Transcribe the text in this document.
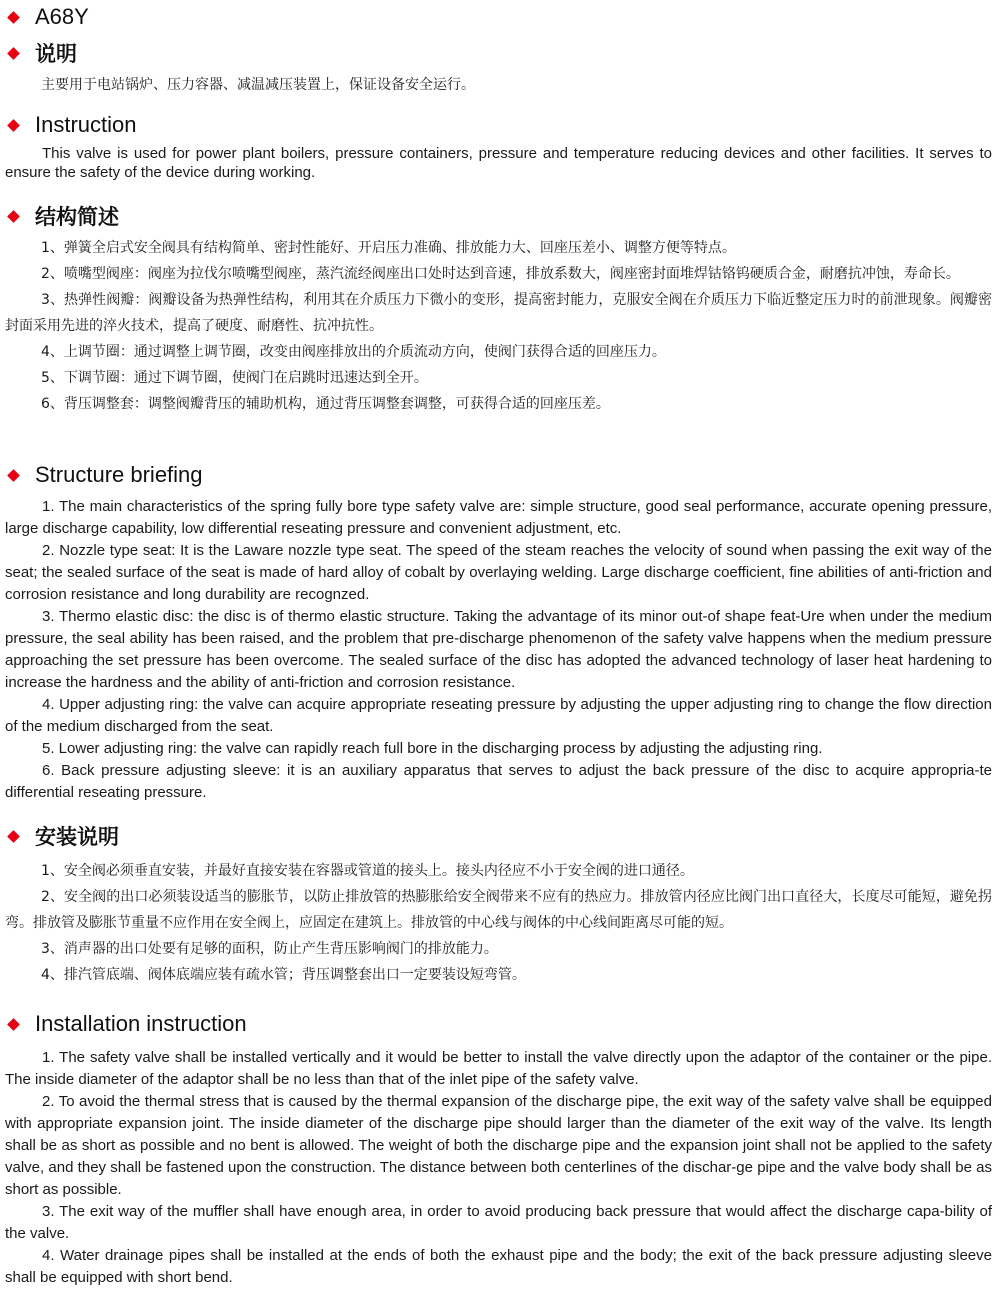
A68Y
说明

主要用于电站锅炉、压力容器、减温减压装置上，保证设备安全运行。

Instruction

This valve is used for power plant boilers, pressure containers, pressure and temperature reducing devices and other facilities. It serves to ensure the safety of the device during working.

结构简述

1、弹簧全启式安全阀具有结构简单、密封性能好、开启压力准确、排放能力大、回座压差小、调整方便等特点。

2、喷嘴型阀座：阀座为拉伐尔喷嘴型阀座，蒸汽流经阀座出口处时达到音速，排放系数大，阀座密封面堆焊钴铬钨硬质合金，耐磨抗冲蚀，寿命长。

3、热弹性阀瓣：阀瓣设备为热弹性结构，利用其在介质压力下微小的变形，提高密封能力，克服安全阀在介质压力下临近整定压力时的前泄现象。阀瓣密封面采用先进的淬火技术，提高了硬度、耐磨性、抗冲抗性。

4、上调节圈：通过调整上调节圈，改变由阀座排放出的介质流动方向，使阀门获得合适的回座压力。

5、下调节圈：通过下调节圈，使阀门在启跳时迅速达到全开。

6、背压调整套：调整阀瓣背压的辅助机构，通过背压调整套调整，可获得合适的回座压差。

Structure briefing

1. The main characteristics of the spring fully bore type safety valve are: simple structure, good seal performance, accurate opening pressure, large discharge capability, low differential reseating pressure and convenient adjustment, etc.

2. Nozzle type seat: It is the Laware nozzle type seat. The speed of the steam reaches the velocity of sound when passing the exit way of the seat; the sealed surface of the seat is made of hard alloy of cobalt by overlaying welding. Large discharge coefficient, fine abilities of anti-friction and corrosion resistance and long durability are recognzed.

3. Thermo elastic disc: the disc is of thermo elastic structure. Taking the advantage of its minor out-of shape feat-Ure when under the medium pressure, the seal ability has been raised, and the problem that pre-discharge phenomenon of the safety valve happens when the medium pressure approaching the set pressure has been overcome. The sealed surface of the disc has adopted the advanced technology of laser heat hardening to increase the hardness and the ability of anti-friction and corrosion resistance.

4. Upper adjusting ring: the valve can acquire appropriate reseating pressure by adjusting the upper adjusting ring to change the flow direction of the medium discharged from the seat.

5. Lower adjusting ring: the valve can rapidly reach full bore in the discharging process by adjusting the adjusting ring.

6. Back pressure adjusting sleeve: it is an auxiliary apparatus that serves to adjust the back pressure of the disc to acquire appropria-te differential reseating pressure.

安装说明

1、安全阀必须垂直安装，并最好直接安装在容器或管道的接头上。接头内径应不小于安全阀的进口通径。

2、安全阀的出口必须装设适当的膨胀节，以防止排放管的热膨胀给安全阀带来不应有的热应力。排放管内径应比阀门出口直径大，长度尽可能短，避免拐弯。排放管及膨胀节重量不应作用在安全阀上，应固定在建筑上。排放管的中心线与阀体的中心线间距离尽可能的短。

3、消声器的出口处要有足够的面积，防止产生背压影响阀门的排放能力。

4、排汽管底端、阀体底端应装有疏水管；背压调整套出口一定要装设短弯管。

Installation instruction

1. The safety valve shall be installed vertically and it would be better to install the valve directly upon the adaptor of the container or the pipe. The inside diameter of the adaptor shall be no less than that of the inlet pipe of the safety valve.

2. To avoid the thermal stress that is caused by the thermal expansion of the discharge pipe, the exit way of the safety valve shall be equipped with appropriate expansion joint. The inside diameter of the discharge pipe should larger than the diameter of the exit way of the valve. Its length shall be as short as possible and no bent is allowed. The weight of both the discharge pipe and the expansion joint shall not be applied to the safety valve, and they shall be fastened upon the construction. The distance between both centerlines of the dischar-ge pipe and the valve body shall be as short as possible.

3. The exit way of the muffler shall have enough area, in order to avoid producing back pressure that would affect the discharge capa-bility of the valve.

4. Water drainage pipes shall be installed at the ends of both the exhaust pipe and the body; the exit of the back pressure adjusting sleeve shall be equipped with short bend.
